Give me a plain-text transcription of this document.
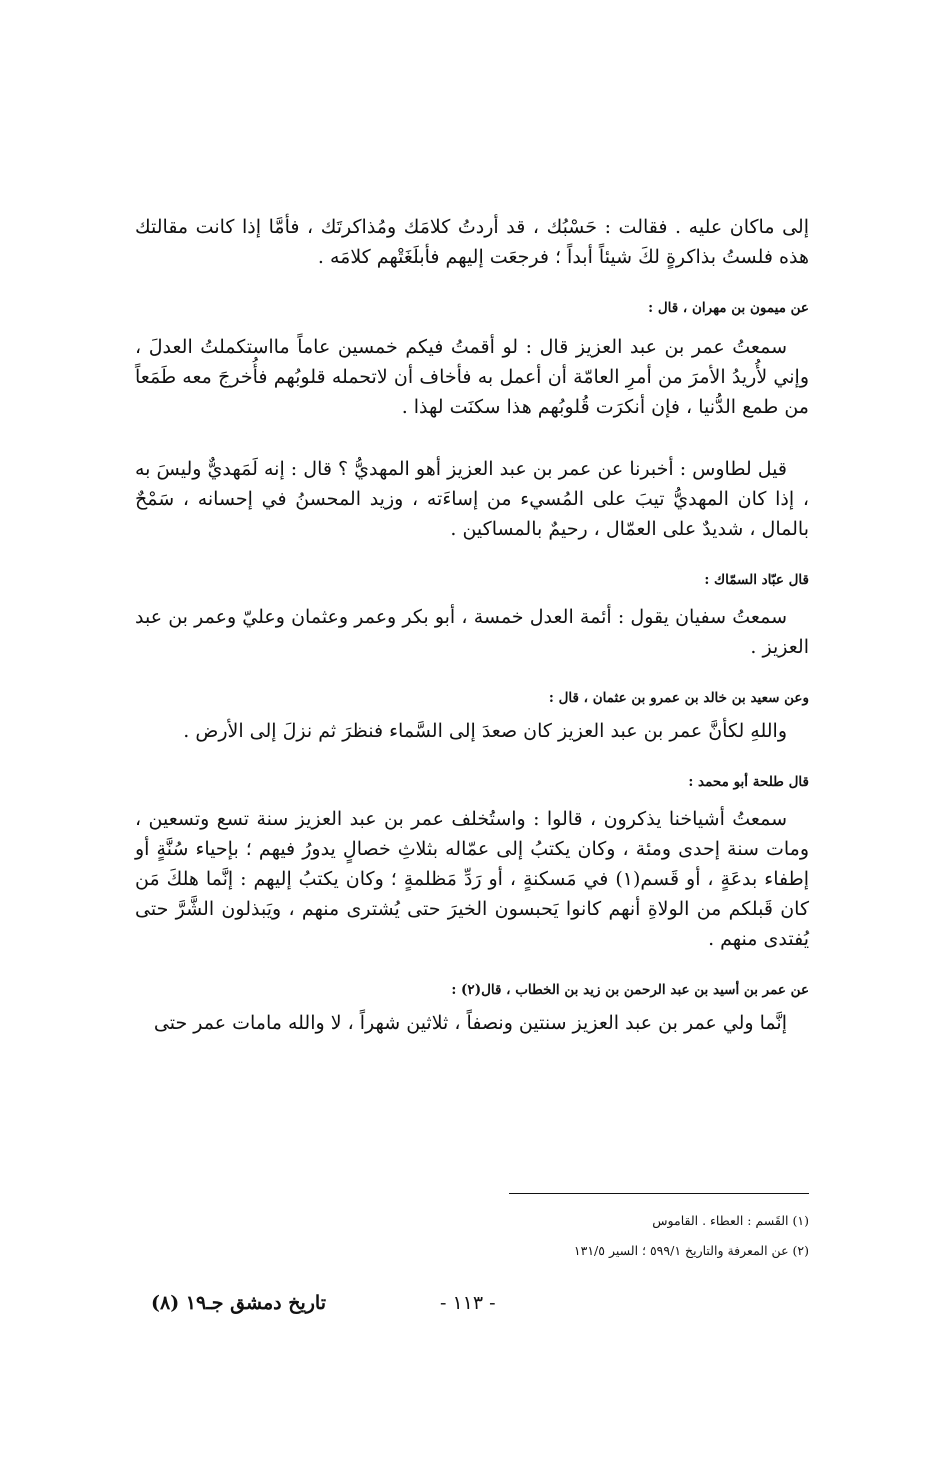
إلى ماكان عليه . فقالت : حَسْبُك ، قد أردتُ كلامَك ومُذاكرتَك ، فأمَّا إذا كانت مقالتك هذه فلستُ بذاكرةٍ لكَ شيئاً أبداً ؛ فرجعَت إليهم فأبلَغَتْهم كلامَه .

عن ميمون بن مهران ، قال :

سمعتُ عمر بن عبد العزيز قال : لو أقمتُ فيكم خمسين عاماً مااستكملتُ العدلَ ، وإني لأُريدُ الأمرَ من أمرِ العامّة أن أعمل به فأخاف أن لاتحمله قلوبُهم فأُخرجَ معه طَمَعاً من طمع الدُّنيا ، فإن أنكرَت قُلوبُهم هذا سكنَت لهذا .

قيل لطاوس : أخبرنا عن عمر بن عبد العزيز أهو المهديُّ ؟ قال : إنه لَمَهديٌّ وليسَ به ، إذا كان المهديُّ تيبَ على المُسيء من إساءَته ، وزيد المحسنُ في إحسانه ، سَمْحٌ بالمال ، شديدٌ على العمّال ، رحيمٌ بالمساكين .

قال عبّاد السمّاك :

سمعتُ سفيان يقول : أئمة العدل خمسة ، أبو بكر وعمر وعثمان وعليّ وعمر بن عبد العزيز .

وعن سعيد بن خالد بن عمرو بن عثمان ، قال :

واللهِ لكأنَّ عمر بن عبد العزيز كان صعدَ إلى السَّماء فنظرَ ثم نزلَ إلى الأرض .

قال طلحة أبو محمد :

سمعتُ أشياخنا يذكرون ، قالوا : واستُخلف عمر بن عبد العزيز سنة تسع وتسعين ، ومات سنة إحدى ومئة ، وكان يكتبُ إلى عمّاله بثلاثِ خصالٍ يدورُ فيهم ؛ بإحياء سُنَّةٍ أو إطفاء بدعَةٍ ، أو قَسم(١) في مَسكنةٍ ، أو رَدِّ مَظلمةٍ ؛ وكان يكتبُ إليهم : إنَّما هلكَ مَن كان قَبلكم من الولاةِ أنهم كانوا يَحبسون الخيرَ حتى يُشترى منهم ، ويَبذلون الشَّرَّ حتى يُفتدى منهم .

عن عمر بن أسيد بن عبد الرحمن بن زيد بن الخطاب ، قال(٢) :

إنَّما ولي عمر بن عبد العزيز سنتين ونصفاً ، ثلاثين شهراً ، لا والله مامات عمر حتى

(١) القَسم : العطاء . القاموس
(٢) عن المعرفة والتاريخ ٥٩٩/١ ؛ السير ١٣١/٥
تاريخ دمشق جـ١٩ (٨)	- ١١٣ -
